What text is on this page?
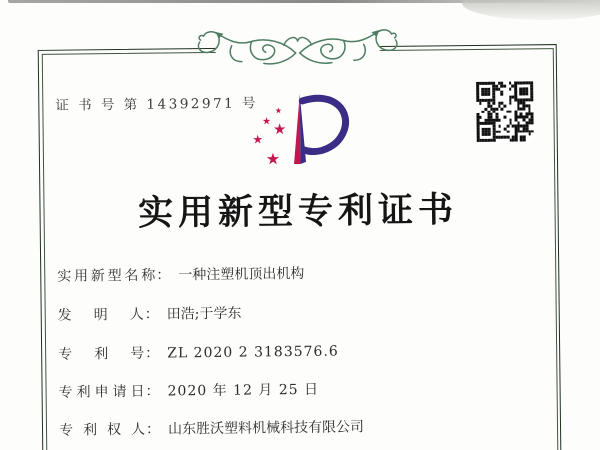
证 书 号 第 14392971 号 ★
★ ★
★
★
实用新型专利证书
实用新型名称： 一种注塑机顶出机构
发明人： 田浩;于学东
专利号： ZL 2020 2 3183576.6
专利申请日： 2020 年 12 月 25 日
专利权人： 山东胜沃塑料机械科技有限公司
